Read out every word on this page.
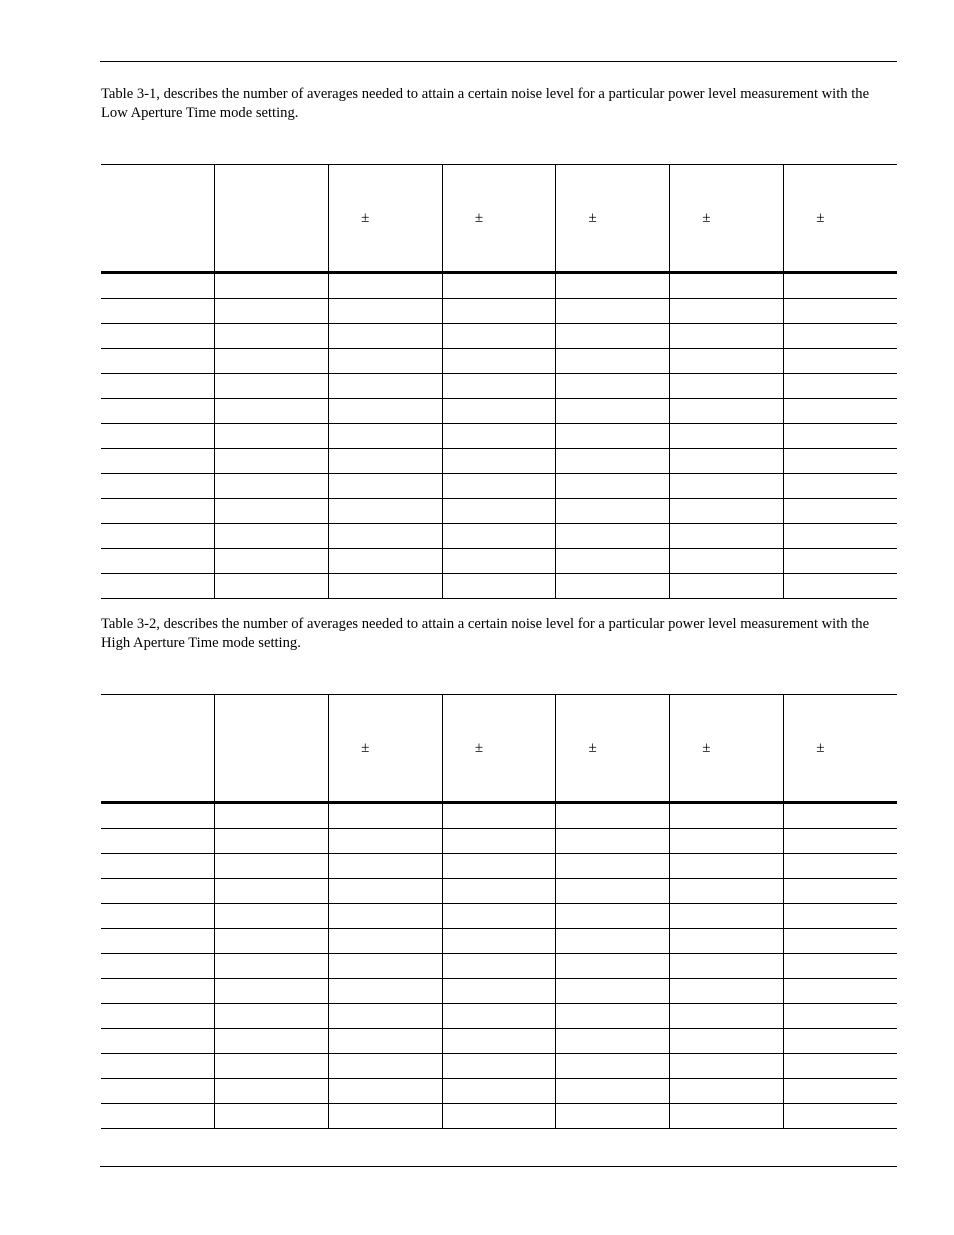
Table 3-1, describes the number of averages needed to attain a certain noise level for a particular power level measurement with the Low Aperture Time mode setting.

		±	±	±	±	±

Table 3-2, describes the number of averages needed to attain a certain noise level for a particular power level measurement with the High Aperture Time mode setting.

		±	±	±	±	±
